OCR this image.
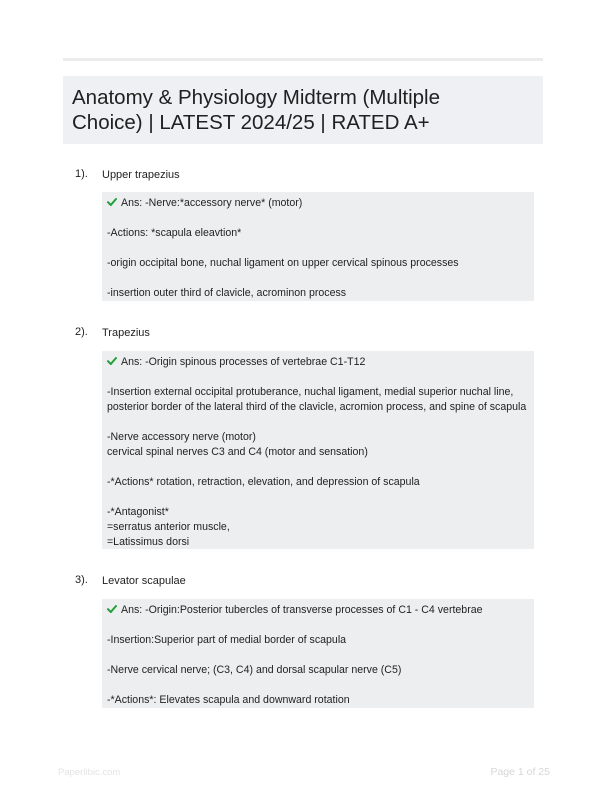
Anatomy & Physiology Midterm (Multiple
Choice) | LATEST 2024/25 | RATED A+
1). Upper trapezius
Ans: -Nerve:*accessory nerve* (motor)
-Actions: *scapula eleavtion*
-origin occipital bone, nuchal ligament on upper cervical spinous processes
-insertion outer third of clavicle, acrominon process
2). Trapezius
Ans: -Origin spinous processes of vertebrae C1-T12
-Insertion external occipital protuberance, nuchal ligament, medial superior nuchal line,
posterior border of the lateral third of the clavicle, acromion process, and spine of scapula
-Nerve accessory nerve (motor)
cervical spinal nerves C3 and C4 (motor and sensation)
-*Actions* rotation, retraction, elevation, and depression of scapula
-*Antagonist*
=serratus anterior muscle,
=Latissimus dorsi
3). Levator scapulae
Ans: -Origin:Posterior tubercles of transverse processes of C1 - C4 vertebrae
-Insertion:Superior part of medial border of scapula
-Nerve cervical nerve; (C3, C4) and dorsal scapular nerve (C5)
-*Actions*: Elevates scapula and downward rotation
Paperlibic.com	Page 1 of 25
